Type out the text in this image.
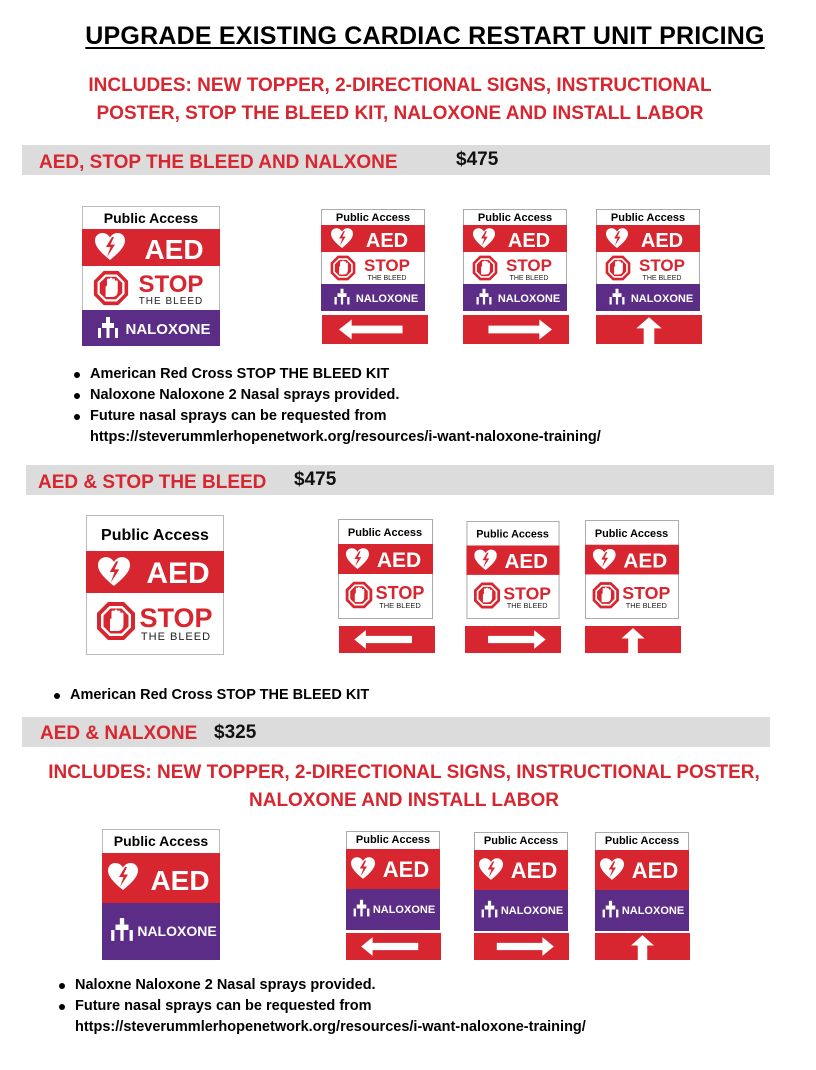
UPGRADE EXISTING CARDIAC RESTART UNIT PRICING
INCLUDES: NEW TOPPER, 2-DIRECTIONAL SIGNS, INSTRUCTIONAL
POSTER, STOP THE BLEED KIT, NALOXONE AND INSTALL LABOR
AED, STOP THE BLEED AND NALXONE	$475
Public Access
AED
STOP
THE BLEED
NALOXONE
Public Access
AED
STOP
THE BLEED
NALOXONE
Public Access
AED
STOP
THE BLEED
NALOXONE
Public Access
AED
STOP
THE BLEED
NALOXONE
American Red Cross STOP THE BLEED KIT
Naloxone Naloxone 2 Nasal sprays provided.
Future nasal sprays can be requested from
https://steverummlerhopenetwork.org/resources/i-want-naloxone-training/
AED & STOP THE BLEED $475
Public Access
AED
STOP
THE BLEED
Public Access
AED
STOP
THE BLEED
Public Access
AED
STOP
THE BLEED
Public Access
AED
STOP
THE BLEED
American Red Cross STOP THE BLEED KIT
AED & NALXONE $325
INCLUDES: NEW TOPPER, 2-DIRECTIONAL SIGNS, INSTRUCTIONAL POSTER,
NALOXONE AND INSTALL LABOR
Public Access
AED
NALOXONE
Public Access
AED
NALOXONE
Public Access
AED
NALOXONE
Public Access
AED
NALOXONE
Naloxne Naloxone 2 Nasal sprays provided.
Future nasal sprays can be requested from
https://steverummlerhopenetwork.org/resources/i-want-naloxone-training/
